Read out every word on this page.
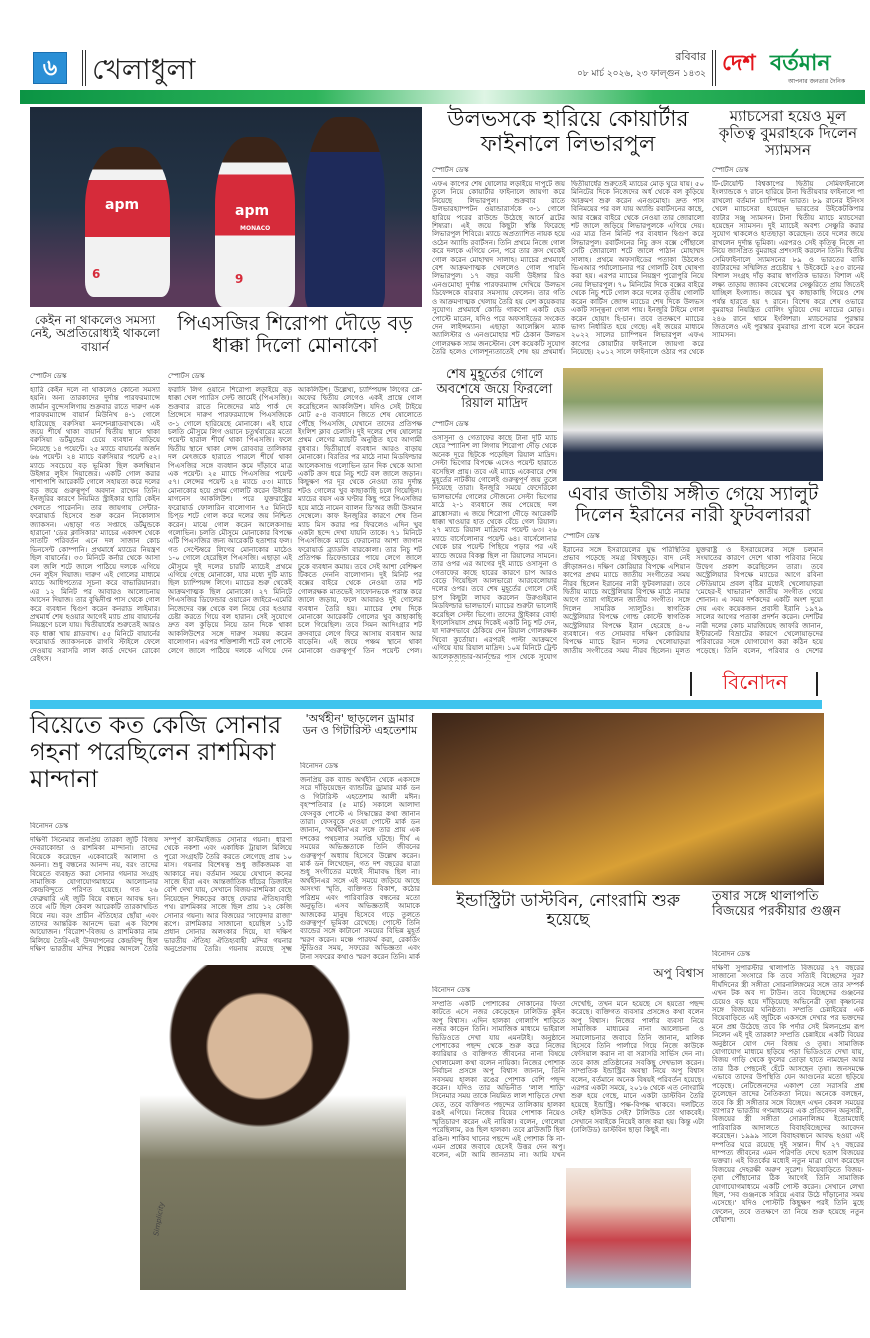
৬	খেলাধুলা	রবিবার
০৮ মার্চ ২০২৬, ২৩ ফাল্গুন ১৪৩২ দেশ বর্তমান
আপনার জনতার দৈনিক
apm
6
apm
MONACO
9
উলভসকে হারিয়ে কোয়ার্টার ফাইনালে লিভারপুল
স্পোর্টস ডেস্ক
এফএ কাপের শেষ ষোলোর লড়াইয়ে দাপুটে জয় তুলে নিয়ে কোয়ার্টার ফাইনালে জায়গা করে নিয়েছে লিভারপুল। শুক্রবার রাতে উলভারহ্যাম্পটন ওয়ান্ডারার্সকে ৩-১ গোলে হারিয়ে পরের রাউন্ডে উঠেছে আর্নে স্লটের শিষ্যরা। এই জয়ে কিছুটা স্বস্তি ফিরেছে লিভারপুল শিবিরে। ম্যাচে অপ্রত্যাশিত নায়ক হয়ে ওঠেন অ্যান্ডি রবার্টসন। তিনি প্রথমে নিজে গোল করে দলকে এগিয়ে নেন, পরে তার ক্রস থেকেই গোল করেন মোহাম্মদ সালাহ। ম্যাচের প্রথমার্ধে বেশ আক্রমণাত্মক খেললেও গোল পায়নি লিভারপুল। ১৭ বছর বয়সী উইঙ্গার রিও এনগুমোহা দুর্দান্ত পারফরম্যান্স দেখিয়ে উলভস ডিফেন্সকে বারবার সমস্যায় ফেলেন। তার গতি ও আক্রমণাত্মক খেলায় তৈরি হয় বেশ কয়েকবার সুযোগ। প্রথমার্ধে কোডি গাকপো একটি হেড পোস্টে মারেন, যদিও পরে অফসাইডের সংকেত দেন লাইন্সম্যান। এছাড়া আলেক্সিস ম্যাক অ্যালিস্টার ও এনগুমোহার শট ঠেকান উলভস গোলরক্ষক স্যাম জনস্টোন। বেশ কয়েকটি সুযোগ তৈরি হলেও গোলশূন্যতাতেই শেষ হয় প্রথমার্ধ। দ্বিতীয়ার্ধের শুরুতেই ম্যাচের মোড় ঘুরে যায়। ৫০ মিনিটের দিকে নিজেদের অর্ধ থেকে বল কুড়িয়ে আক্রমণ শুরু করেন এনগুমোহা। দ্রুত পাস বিনিময়ের পর বল যায় অ্যান্ডি রবার্টসনের কাছে, আর বক্সের বাইরে থেকে নেওয়া তার জোরালো শট জালে জড়িয়ে লিভারপুলকে এগিয়ে দেয়। এর মাত্র তিন মিনিট পর ব্যবধান দ্বিগুণ করে লিভারপুল। রবার্টসনের নিচু ক্রস বক্সে পৌঁছালে সেটি জোরালো শটে জালে পাঠান মোহাম্মদ সালাহ। প্রথমে অফসাইডের পতাকা উঠলেও ভিএআর পর্যালোচনার পর গোলটি বৈধ ঘোষণা করা হয়। এরপর ম্যাচের নিয়ন্ত্রণ পুরোপুরি নিয়ে নেয় লিভারপুল। ৭০ মিনিটের দিকে বক্সের বাইরে থেকে নিচু শটে গোল করে দলের তৃতীয় গোলটি করেন কার্টিস জোন্স ম্যাচের শেষ দিকে উলভস একটি সান্ত্বনা গোল পায়। ইনজুরি টাইমে গোল করেন হোয়াং হি-চান। তবে ততক্ষণে ম্যাচের ভাগ্য নির্ধারিত হয়ে গেছে। এই জয়ের মাধ্যমে ২০২২ সালের চ্যাম্পিয়ন লিভারপুল এফএ কাপের কোয়ার্টার ফাইনালে জায়গা করে নিয়েছে। ২০১২ সালে ফাইনালে ওঠার পর থেকে
ম্যাচসেরা হয়েও মূল কৃতিত্ব বুমরাহকে দিলেন স্যামসন
স্পোর্টস ডেস্ক
টি-টোয়েন্টি বিশ্বকাপের দ্বিতীয় সেমিফাইনালে ইংল্যান্ডকে ৭ রানে হারিয়ে টানা দ্বিতীয়বার ফাইনালে পা রাখলো বর্তমান চ্যাম্পিয়ন ভারত। ৮৯ রানের ইনিংস খেলে ম্যাচসেরা হয়েছেন ভারতের উইকেটকিপার ব্যাটার সঞ্জু স্যামসন। টানা দ্বিতীয় ম্যাচে ম্যাচসেরা হয়েছেন স্যামসন। দুই ম্যাচেই অবশ্য সেঞ্চুরি করার সুযোগ থাকলেও হাতছাড়া করেছেন। তবে দলের জয়ে রাখলেন দুর্দান্ত ভূমিকা। এরপরও সেই কৃতিত্ব নিজে না নিয়ে জাসপ্রিত বুমরাহর প্রশংসাই করলেন তিনি। দ্বিতীয় সেমিফাইনালে স্যামসনের ৮৯ ও ভারতের বাকি ব্যাটারদের সম্মিলিত প্রচেষ্টায় ৭ উইকেটে ২৫৩ রানের বিশাল সংগ্রহ দাঁড় করায় স্বাগতিক ভারত। বিশাল এই লক্ষ্য তাড়ায় জ্যাকব বেথেলের সেঞ্চুরিতে প্রায় জিতেই যাচ্ছিল ইংল্যান্ড। জয়ের খুব কাছাকাছি গিয়েও শেষ পর্যন্ত হারতে হয় ৭ রানে। বিশেষ করে শেষ ওভারে বুমরাহর নিয়ন্ত্রিত বোলিং ঘুরিয়ে দেয় ম্যাচের মোড়। ২৪৬ রানে থামে ইংলিশরা। ম্যাচসেরার পুরস্কার জিতলেও এই পুরস্কার বুমরাহর প্রাপ্য বলে মনে করেন স্যামসন।
কেইন না থাকলেও সমস্যা নেই, অপ্রতিরোধ্যই থাকলো বায়ার্ন
স্পোর্টস ডেস্ক
হ্যারি কেইন দলে না থাকলেও কোনো সমস্যা হয়নি। অন্য তারকাদের দুর্দান্ত পারফরম্যান্সে জার্মান বুন্দেসলিগায় শুক্রবার রাতে দারুণ এক পারফরম্যান্সে বায়ার্ন মিউনিখ ৪-১ গোলে হারিয়েছে বরুসিয়া মনশেনগ্লাডবাখকে। এই জয়ে শীর্ষে থাকা বায়ার্ন দ্বিতীয় স্থানে থাকা বরুসিয়া ডর্টমুন্ডের চেয়ে ব্যবধান বাড়িয়ে নিয়েছে ১৪ পয়েন্টে। ২৫ ম্যাচে বায়ার্নের অর্জন ৬৬ পয়েন্ট। ২৪ ম্যাচে বরুসিয়ার পয়েন্ট ৫২। ম্যাচে সবচেয়ে বড় ভূমিকা ছিল কলম্বিয়ান উইঙ্গার লুইস দিয়াজের। একটি গোল করার পাশাপাশি আরেকটি গোলে সহায়তা করে দলের বড় জয়ে গুরুত্বপূর্ণ অবদান রাখেন তিনি। ইনজুরির কারণে নিয়মিত স্ট্রাইকার হ্যারি কেইন খেলতে পারেননি। তার জায়গায় সেন্টার-ফরোয়ার্ড হিসেবে শুরু করেন নিকোলাস জ্যাকসন। এছাড়া গত সপ্তাহে ডর্টমুন্ডকে হারানো 'ডের ক্লাসিকার' ম্যাচের একাদশ থেকে সাতটি পরিবর্তন এনে দল সাজান কোচ ভিনসেন্ট কোম্পানি। প্রথমার্ধে ম্যাচের নিয়ন্ত্রণ ছিল বায়ার্নের। ৩৩ মিনিটে কর্নার থেকে আসা বল জলি শটে জালে পাঠিয়ে দলকে এগিয়ে দেন লুইস দিয়াজ। দারুণ এই গোলের মাধ্যমে ম্যাচে আধিপত্যের সূচনা করে বাভারিয়ানরা। এর ১২ মিনিট পর আবারও আলোচনায় আসেন দিয়াজ। তার বুদ্ধিদীপ্ত পাস থেকে গোল করে ব্যবধান দ্বিগুণ করেন কনরাড লাইমার। প্রথমার্ধ শেষ হওয়ার আগেই ম্যাচ প্রায় বায়ার্নের নিয়ন্ত্রণে চলে যায়। দ্বিতীয়ার্ধের শুরুতেই আরও বড় ধাক্কা খায় গ্লাডবাখ। ৫৫ মিনিটে বায়ার্নের ফরোয়ার্ড জ্যাকসনকে রাগবি স্টাইলে ফেলে দেওয়ায় সরাসরি লাল কার্ড দেখেন রোকো রেইৎস।
পিএসজির শিরোপা দৌড়ে বড় ধাক্কা দিলো মোনাকো
স্পোর্টস ডেস্ক
ফরাসি লিগ ওয়ানে শিরোপা লড়াইয়ে বড় ধাক্কা খেল প্যারিস সেন্ট জার্মেই (পিএসজি)। শুক্রবার রাতে নিজেদের মাঠ পার্ক দে প্রিন্সেসে দারুণ পারফরম্যান্সে পিএসজিকে ৩-১ গোলে হারিয়েছে মোনাকো। এই হারে চলতি মৌসুমে লিগ ওয়ানে চতুর্থবারের মতো পয়েন্ট হারাল শীর্ষে থাকা পিএসজি। ফলে দ্বিতীয় স্থানে থাকা লেন্স রোববার তালিকার দল মেৎজকে হারাতে পারলে শীর্ষে থাকা পিএসজির সঙ্গে ব্যবধান কমে দাঁড়াবে মাত্র এক পয়েন্ট। ২৫ ম্যাচে পিএসজির পয়েন্ট ৫৭। লেন্সের পয়েন্ট ২৪ ম্যাচে ৫৩। ম্যাচে মোনাকোর হয়ে প্রথম গোলটি করেন উইঙ্গার মাগনেস আকলিউশ। পরে যুক্তরাষ্ট্রের ফরোয়ার্ড ফোলারিন বালোগান ৭৫ মিনিটে চিপ্ড শটে গোল করে দলের জয় নিশ্চিত করেন। মাঝে গোল করেন আলেকসান্দ্র গলোভিন। চলতি মৌসুমে মোনাকোর বিপক্ষে এটি পিএসজির জন্য আরেকটি হতাশার ফল। গত সেপ্টেম্বরে লিগের মোনাকোর মাঠেও ১-০ গোলে হেরেছিল পিএসজি। এছাড়া এই মৌসুমে দুই দলের চারটি ম্যাচেই প্রথমে এগিয়ে গেছে মোনাকো, যার মধ্যে দুটি ম্যাচ ছিল চ্যাম্পিয়ন্স লিগে। ম্যাচের শুরু থেকেই আক্রমণাত্মক ছিল মোনাকো। ২৭ মিনিটে পিএসজির ডিফেন্ডার ওয়ারেন জাইরে-এমেরি নিজেদের বক্স থেকে বল নিয়ে বের হওয়ার চেষ্টা করতে গিয়ে বল হারান। সেই সুযোগে দ্রুত বল কুড়িয়ে নিয়ে ডান দিকে থাকা আকলিউশের সঙ্গে দারুণ সমন্বয় করেন বালোগান। এরপর শক্তিশালী শটে বল পোস্টে লেগে জালে পাঠিয়ে দলকে এগিয়ে দেন আকলিউশ। উল্লেখ্য, চ্যাম্পিয়ন্স লিগের প্লে-অফের দ্বিতীয় লেগেও একই প্রান্তে গোল করেছিলেন আকলিউশ। যদিও সেই টাইয়ে মোট ৫-৪ ব্যবধানে জিতে শেষ ষোলোতে পৌঁছে পিএসজি, যেখানে তাদের প্রতিপক্ষ ইংলিশ ক্লাব চেলসি। দুই দলের শেষ ষোলোর প্রথম লেগের ম্যাচটি অনুষ্ঠিত হবে আগামী বুধবার। দ্বিতীয়ার্ধে ব্যবধান আরও বাড়ায় মোনাকো। বিরতির পর মাঠে নামা মিডফিল্ডার আলেকসান্দ্র গলোভিন ডান দিক থেকে আসা একটি ক্রস ধরে নিচু শটে বল জালে জড়ান। কিছুক্ষণ পর দূর থেকে নেওয়া তার দুর্দান্ত শটও গোলের খুব কাছাকাছি চলে গিয়েছিল। ম্যাচের বয়স এক ঘণ্টার কিছু পরে পিএসজির হয়ে মাঠে নামেন ব্যালন ডি'অর জয়ী উসমান দেম্বেলে। কাফ ইনজুরির কারণে শেষ তিন ম্যাচ মিস করার পর ফিরলেও এদিন খুব একটা ছন্দে দেখা যায়নি তাকে। ৭১ মিনিটে পিএসজিকে ম্যাচে ফেরানোর আশা জাগান ফরোয়ার্ড ব্র্যাডলি বারকোলা। তার নিচু শট প্রতিপক্ষ ডিফেন্ডারের পায়ে লেগে জালে ঢুকে ব্যবধান কমায়। তবে সেই আশা বেশিক্ষণ টিকতে দেননি বালোগান। দুই মিনিট পর বক্সের বাইরে থেকে নেওয়া তার শট গোলরক্ষক মাতভেই সাফোনভকে পরাস্ত করে জালে জড়ায়, ফলে আবারও দুই গোলের ব্যবধান তৈরি হয়। ম্যাচের শেষ দিকে মোনাকো আরেকটি গোলের খুব কাছাকাছি চলে গিয়েছিল। তবে সিমন আদিংগ্রার শট ক্রসবারে লেগে ফিরে আসায় ব্যবধান আর বাড়েনি। এই জয়ে পঞ্চম স্থানে থাকা মোনাকো গুরুত্বপূর্ণ তিন পয়েন্ট পেল।
শেষ মুহূর্তের গোলে অবশেষে জয়ে ফিরলো রিয়াল মাদ্রিদ
স্পোর্টস ডেস্ক
ওসাসুনা ও গেতাফের কাছে টানা দুটি ম্যাচ হেরে স্প্যানিশ লা লিগায় শিরোপা দৌড় থেকে অনেক দূরে ছিটকে পড়েছিল রিয়াল মাদ্রিদ। সেল্টা ভিগোর বিপক্ষে এসেও পয়েন্ট হারাতে বসেছিল প্রায়। তবে এই ম্যাচে একেবারে শেষ মুহূর্তের নাটকীয় গোলেই গুরুত্বপূর্ণ জয় তুলে নিয়েছে তারা। ইনজুরি সময়ে ফেদেরিকো ভালভার্দের গোলের সৌজন্যে সেল্টা ভিগোর মাঠে ২-১ ব্যবধানে জয় পেয়েছে দল ব্লাঙ্কোসরা। এ জয়ে শিরোপা দৌড়ে আরেকটি ধাক্কা খাওয়ার হাত থেকে বেঁচে গেল রিয়াল। ২৭ ম্যাচে রিয়াল মাদ্রিদের পয়েন্ট ৬৩। ২৬ ম্যাচে বার্সেলোনার পয়েন্ট ৬৪। বার্সেলোনার থেকে চার পয়েন্ট পিছিয়ে পড়ার পর এই ম্যাচে জয়ের বিকল্প ছিল না রিয়ালের সামনে। তার ওপর এর আগের দুই ম্যাচে ওসাসুনা ও গেতাফের কাছে হারের কারণে চাপ আরও বেড়ে গিয়েছিল আলভারো আরবেলোয়ার দলের ওপর। তবে শেষ মুহূর্তের গোলে সেই চাপ কিছুটা লাঘব করলেন উরুগুইয়ান মিডফিল্ডার ভালভার্দে। ম্যাচের শুরুটা ভালোই করেছিল সেল্টা ভিগো। তাদের স্ট্রাইকার বোর্হা ইগলেসিয়াস প্রথম দিকেই একটি নিচু শট দেন, যা দারুণভাবে ঠেকিয়ে দেন রিয়াল গোলরক্ষক থিবো কুর্তোয়া। এরপরই পাল্টা আক্রমণে এগিয়ে যায় রিয়াল মাদ্রিদ। ১০ম মিনিটে ট্রেন্ট আলেকজান্ডার-আর্নল্ডের পাস থেকে সুযোগ
এবার জাতীয় সঙ্গীত গেয়ে স্যালুট দিলেন ইরানের নারী ফুটবলাররা
স্পোর্টস ডেস্ক
ইরানের সঙ্গে ইসরায়েলের যুদ্ধ পরিস্থিতির প্রভাব পড়েছে সমগ্র বিশ্বজুড়ে। বাদ নেই ক্রীড়াঙ্গনও। দক্ষিণ কোরিয়ার বিপক্ষে এশিয়ান কাপের প্রথম ম্যাচে জাতীয় সংগীতের সময় নীরব ছিলেন ইরানের নারী ফুটবলাররা। তবে দ্বিতীয় ম্যাচে অস্ট্রেলিয়ার বিপক্ষে মাঠে নামার আগে তারা গাইলেন জাতীয় সংগীত। সঙ্গে দিলেন সামরিক স্যালুটও। স্বাগতিক অস্ট্রেলিয়ার বিপক্ষে গোল্ড কোস্টে স্বাগতিক অস্ট্রেলিয়ার বিপক্ষে ইরান হেরেছে ৪-০ ব্যবধানে। গত সোমবার দক্ষিণ কোরিয়ার বিপক্ষে ম্যাচে ইরান দলের খেলোয়াড়রা জাতীয় সংগীতের সময় নীরব ছিলেন। মূলত যুক্তরাষ্ট্র ও ইসরায়েলের সঙ্গে চলমান সংঘাতের কারণে দেশে থাকা পরিবার নিয়ে উদ্বেগ প্রকাশ করেছিলেন তারা। তবে অস্ট্রেলিয়ার বিপক্ষে ম্যাচের আগে রবিনা স্টেডিয়ামে প্রবল বৃষ্টির মধ্যেই খেলোয়াড়রা 'মেহের-ই খাভারান' জাতীয় সংগীত গেয়ে শোনান। এ সময় দর্শকদের একটি অংশ দুয়ো দেয় এবং কয়েকজন প্রবাসী ইরানি ১৯৭৯ সালের আগের পতাকা প্রদর্শন করেন। দেশটির নারী দলের কোচ মারজিয়েহ জাফরি জানান, ইন্টারনেট বিভ্রাটের কারণে খেলোয়াড়দের পরিবারের সঙ্গে যোগাযোগ করা কঠিন হয়ে পড়েছে। তিনি বলেন, পরিবার ও দেশের
বিনোদন
বিয়েতে কত কেজি সোনার গহনা পরেছিলেন রাশমিকা মান্দানা
বিনোদন ডেস্ক
দক্ষিণী সিনেমার জনপ্রিয় তারকা জুটি বিজয় দেবরাকোন্ডা ও রাশমিকা মান্দানা। তাদের বিয়েকে করেছেন একেবারেই আলাদা ও অনন্য। শুধু বন্ধনের আনন্দ নয়, বরং তাদের বিয়েতে ব্যবহৃত করা সোনার গয়নার সংগ্রহ সামাজিক যোগাযোগমাধ্যমে আলোচনার কেন্দ্রবিন্দুতে পরিণত হয়েছে। গত ২৬ ফেব্রুয়ারি এই জুটি বিয়ে বন্ধনে আবদ্ধ হন। তবে এটি ছিল কেবল আরেকটি তারকাখচিত বিয়ে নয়। বরং প্রাচীন ঐতিহ্যের ছোঁয়া এবং তাদের আন্তরিক আনন্দে ভরা এক বিশেষ আয়োজন। 'বিরোশ'-বিজয় ও রাশমিকার নাম মিলিয়ে তৈরি-এই উদযাপনের কেন্দ্রবিন্দু ছিল দক্ষিণ ভারতীয় মন্দির শিল্পের আদলে তৈরি সম্পূর্ণ কাস্টমাইজড সোনার গয়না। ধারণা থেকে নকশা এবং একাধিক ট্রায়াল মিলিয়ে পুরো সংগ্রহটি তৈরি করতে লেগেছে প্রায় ১০ মাস। গয়নার বিশেষত্ব শুধু জাঁকজমক বা আকারে নয়। বর্তমান সময়ে যেখানে কনের সাজে হীরা এবং আন্তর্জাতিক ধাঁচের ডিজাইন বেশি দেখা যায়, সেখানে বিজয়-রাশমিকা বেছে নিয়েছেন শিকড়ের কাছে ফেরার ঐতিহ্যবাহী পথ। রাশমিকার সাজে ছিল প্রায় ১২ কেজি সোনার গয়না। আর বিজয়ের 'সাফেদার রাজা' রূপে। রাশমিকার সাজানো হয়েছিল ১১টি প্রধান সোনার অলংকার দিয়ে, যা দক্ষিণ ভারতীয় ঐতিহ্য ঐতিহ্যবাহী মন্দির গয়নার অনুপ্রেরণায় তৈরি। গয়নায় রয়েছে সূক্ষ্ম
Simplicity
'অর্থহীন' ছাড়লেন ড্রামার ডন ও গিটারিস্ট এহতেশাম
বিনোদন ডেস্ক
জনপ্রিয় রক ব্যান্ড অর্থহীন থেকে একসঙ্গে সরে দাঁড়িয়েছেন ব্যান্ডটির ড্রামার মার্ক ডন ও গিটারিস্ট এহতেশাম আলী মঈন। বৃহস্পতিবার (৫ মার্চ) সকালে আলাদা ফেসবুক পোস্টে এ সিদ্ধান্তের কথা জানান তারা। ফেসবুকে দেওয়া পোস্টে মার্ক ডন জানান, 'অর্থহীন'এর সঙ্গে তার প্রায় এক দশকের পথচলার সমাপ্তি ঘটছে। দীর্ঘ এ সময়ের অভিজ্ঞতাকে তিনি জীবনের গুরুত্বপূর্ণ অধ্যায় হিসেবে উল্লেখ করেন। মার্ক ডন লিখেছেন, গত দশ বছরের যাত্রা শুধু সংগীতের মধ্যেই সীমাবদ্ধ ছিল না। অর্থহীনএর সঙ্গে এই সময়ে জড়িয়ে আছে অসংখ্য স্মৃতি, ব্যক্তিগত বিকাশ, কঠোর পরিশ্রম এবং পারিবারিক বন্ধনের মতো অনুভূতি। এসব অভিজ্ঞতাই আমাকে আজকের মানুষ হিসেবে গড়ে তুলতে গুরুত্বপূর্ণ ভূমিকা রেখেছে। পোস্টে তিনি ব্যান্ডের সঙ্গে কাটানো সময়ের বিভিন্ন মুহূর্ত স্মরণ করেন। মঞ্চে পারফর্ম করা, রেকর্ডিং স্টুডিওর সময়, সফরের অভিজ্ঞতা এবং টানা সফরের কথাও স্মরণ করেন তিনি। মার্ক
ইন্ডাস্ট্রিটা ডাস্টবিন, নোংরামি শুরু হয়েছে
অপু বিশ্বাস
বিনোদন ডেস্ক
সম্প্রতি একটি পোশাকের দোকানের ফিতা কাটতে এসে নজর কেড়েছেন ঢালিউড কুইন অপু বিশ্বাস। এদিন হালকা গোলাপি শাড়িতে নজর কাড়েন তিনি। সামাজিক মাধ্যমে ভাইরাল ভিডিওতে দেখা যায় এমনটাই। অনুষ্ঠানে পোশাকের পছন্দ থেকে শুরু করে নিজের ক্যারিয়ার ও ব্যক্তিগত জীবনের নানা বিষয়ে খোলামেলা কথা বলেন নায়িকা। নিজের পোশাক নির্বাচন প্রসঙ্গে অপু বিশ্বাস জানান, তিনি সবসময় হালকা রঙের পোশাক বেশি পছন্দ করেন। যদিও তার অভিনীত 'লাল শাড়ি' সিনেমার সময় তাকে নিয়মিত লাল শাড়িতে দেখা যেত, তবে ব্যক্তিগত পছন্দের তালিকায় হালকা রঙই এগিয়ে। নিজের বিয়ের পোশাক নিয়েও স্মৃতিচারণ করেন এই নায়িকা। বলেন, গোলেয়া পরেছিলাম, রঙ ছিল হালকা। তবে ব্লাউজটি ছিল রঙিন। শাকিব খানের পছন্দে এই পোশাক কি না- এমন প্রশ্নের জবাবে হেসেই উত্তর দেন অপু। বলেন, এটা আমি জানতাম না। আমি যখন দেখেছি, তখন মনে হয়েছে সে হয়তো পছন্দ করেছে। ব্যক্তিগত ব্যবসার প্রসঙ্গেও কথা বলেন অপু বিশ্বাস। নিজের পার্লার ব্যবসা নিয়ে সামাজিক মাধ্যমের নানা আলোচনা ও সমালোচনার জবাবে তিনি জানান, মালিক হিসেবে তিনি পার্লারে গিয়ে নিজে কাউকে ফেসিয়াল করান না বা সরাসরি সার্ভিস দেন না। তবে কাজ প্রতিষ্ঠানের সবকিছু দেখভাল করেন। সাম্প্রতিক ইন্ডাস্ট্রির অবস্থা নিয়ে অপু বিশ্বাস বলেন, বর্তমানে অনেক বিষয়ই পরিবর্তন হয়েছে। এরপর একটা সময়ে, ২০১৬ থেকে এত নোংরামি শুরু হয়ে গেছে, মানে একটা ডাস্টবিন তৈরি হয়েছে ইন্ডাস্ট্রি। পক্ষ-বিপক্ষ থাকবে। দলটিতে সেই? হলিউড সেই? টালিউড তো থাকবেই। সেখানে সবাইকে নিয়েই কাজ করা হয়। কিন্তু এটা (ঢালিউড) ডাস্টবিন ছাড়া কিছুই না।
তৃষার সঙ্গে থালাপতি বিজয়ের পরকীয়ার গুঞ্জন
বিনোদন ডেস্ক
দক্ষিণী সুপারস্টার থালাপতি বিজয়ের ২৭ বছরের সাজানো সংসারে কি তবে সত্যিই বিচ্ছেদের সুর? দীর্ঘদিনের স্ত্রী সঙ্গীতা সোরনালিঙ্গমের সঙ্গে তার সম্পর্ক এখন টক অব দ্য টাউন। তবে বিচ্ছেদের গুঞ্জনের চেয়েও বড় হয়ে দাঁড়িয়েছে অভিনেত্রী তৃষা কৃষ্ণানের সঙ্গে বিজয়ের ঘনিষ্ঠতা। সম্প্রতি চেন্নাইয়ের এক বিয়েবাড়িতে এই জুটিকে একসঙ্গে দেখার পর ভক্তদের মনে প্রশ্ন উঠেছে তবে কি পর্দার সেই মিলনপ্রেম রূপ নিলেন এই দুই তারকা? সম্প্রতি চেন্নাইয়ে একটি বিয়ের অনুষ্ঠানে যোগ দেন বিজয় ও তৃষা। সামাজিক যোগাযোগ মাধ্যমে ছড়িয়ে পড়া ভিডিওতে দেখা যায়, বিজয় গাড়ি থেকে ফুলের তোড়া হাতে নামছেন আর তার ঠিক পেছনেই হেঁটে আসছেন তৃষা। জনসমক্ষে এভাবে তাদের উপস্থিতি যেন আগুনের মতো ছড়িয়ে পড়েছে। নেটিজেনদের একাংশ তো সরাসরি প্রশ্ন তুলেছেন তাদের নৈতিকতা নিয়ে। অনেকে বলছেন, তবে কি স্ত্রী সঙ্গীতার সঙ্গে বিচ্ছেদ এখন কেবল সময়ের ব্যাপার? ভারতীয় গণমাধ্যমের এক প্রতিবেদন অনুসারী, বিজয়ের স্ত্রী সঙ্গীতা সোরনালিঙ্গম ইতোমধ্যেই পারিবারিক আদালতে বিবাহবিচ্ছেদের আবেদন করেছেন। ১৯৯৯ সালে বিবাহবন্ধনে আবদ্ধ হওয়া এই দম্পতির ঘরে রয়েছে দুই সন্তান। দীর্ঘ ২৭ বছরের দাম্পত্য জীবনের এমন পরিণতি দেখে হতাশ বিজয়ের ভক্তরা। এই বিতর্কের মধ্যেই নতুন মাত্রা যোগ করেছেন বিজয়ের দেহরক্ষী অরুণ সুরেশ। বিয়েবাড়িতে বিজয়-তৃষা পৌঁছানোর ঠিক আগেই তিনি সামাজিক যোগাযোগমাধ্যমে একটি পোস্ট করেন। সেখানে লেখা ছিল, 'সব গুঞ্জনকে সরিয়ে এবার উঠে দাঁড়ানোর সময় এসেছে।' যদিও পোস্টটি কিছুক্ষণ পরই তিনি মুছে ফেলেন, তবে ততক্ষণে তা নিয়ে শুরু হয়েছে নতুন ধোঁয়াশা।
